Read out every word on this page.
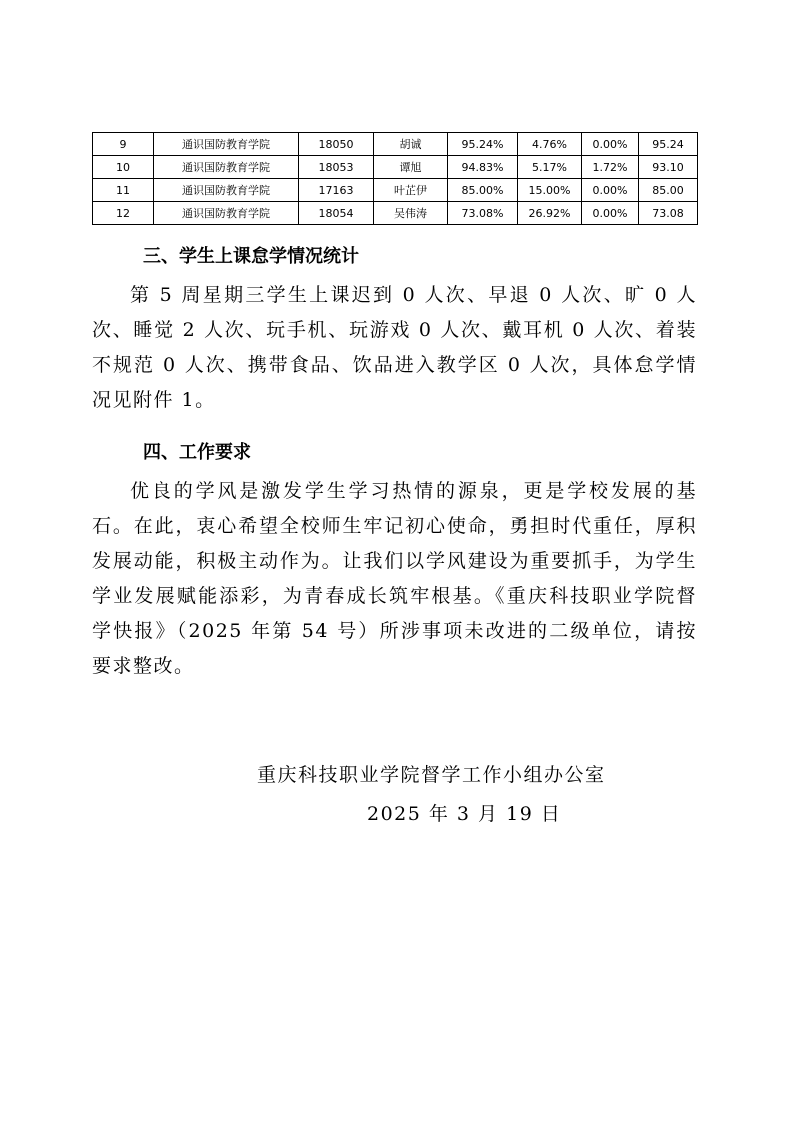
9	通识国防教育学院	18050	胡诚	95.24%	4.76%	0.00%	95.24
10	通识国防教育学院	18053	谭旭	94.83%	5.17%	1.72%	93.10
11	通识国防教育学院	17163	叶芷伊	85.00%	15.00%	0.00%	85.00
12	通识国防教育学院	18054	吴伟涛	73.08%	26.92%	0.00%	73.08
三、学生上课怠学情况统计

第 5 周星期三学生上课迟到 0 人次、早退 0 人次、旷 0 人次、睡觉 2 人次、玩手机、玩游戏 0 人次、戴耳机 0 人次、着装不规范 0 人次、携带食品、饮品进入教学区 0 人次，具体怠学情况见附件 1。

四、工作要求

优良的学风是激发学生学习热情的源泉，更是学校发展的基石。在此，衷心希望全校师生牢记初心使命，勇担时代重任，厚积发展动能，积极主动作为。让我们以学风建设为重要抓手，为学生学业发展赋能添彩，为青春成长筑牢根基。《重庆科技职业学院督学快报》（2025 年第 54 号）所涉事项未改进的二级单位，请按要求整改。

重庆科技职业学院督学工作小组办公室

2025 年 3 月 19 日
